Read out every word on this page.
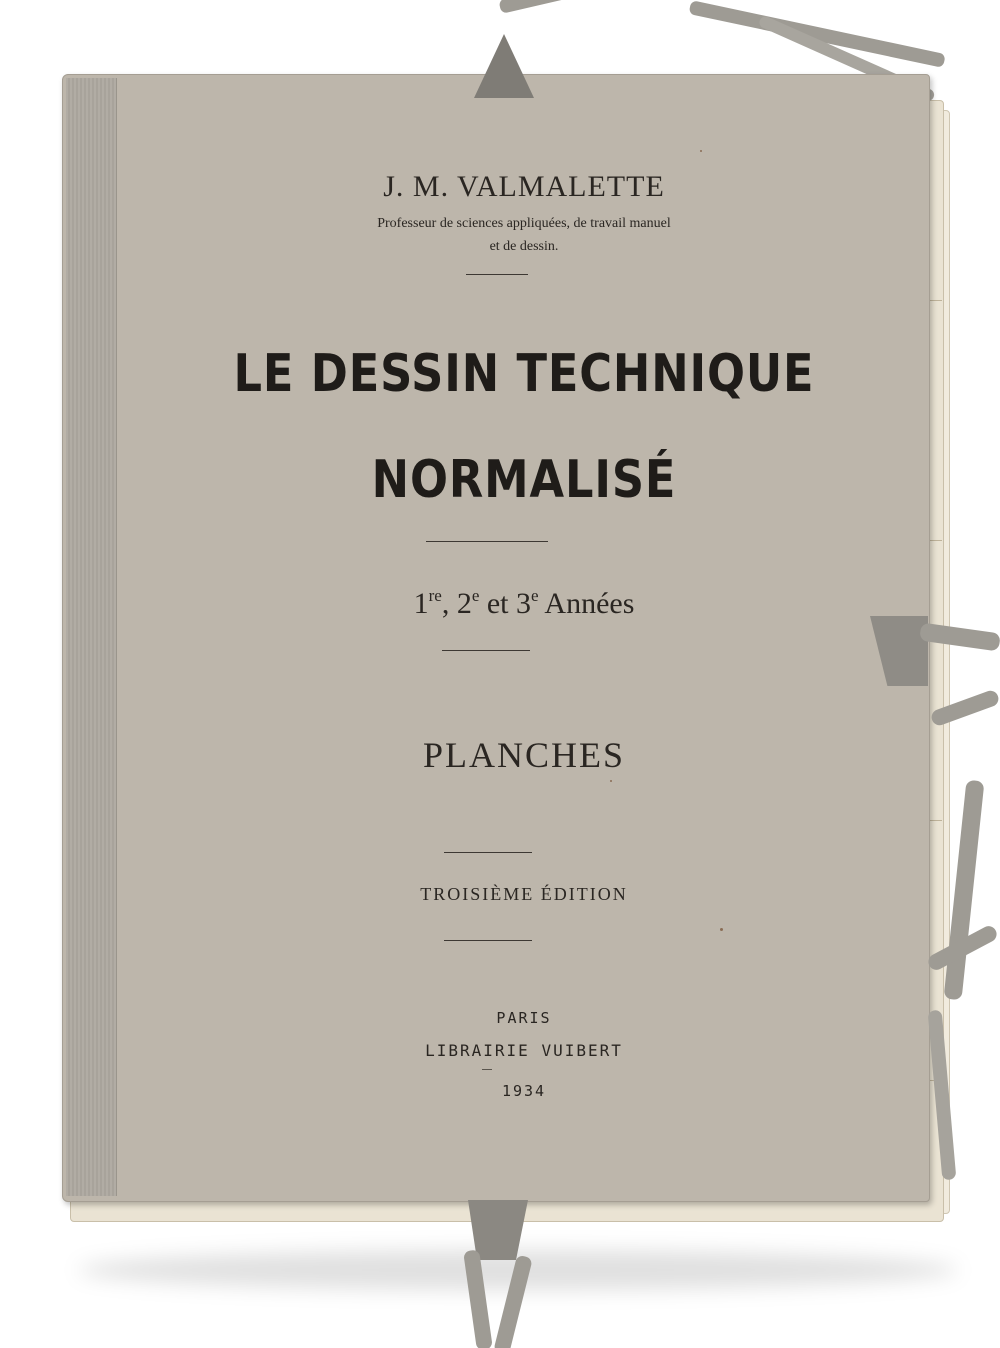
J. M. VALMALETTE
Professeur de sciences appliquées, de travail manuel
et de dessin.
LE DESSIN TECHNIQUE
NORMALISÉ
1re, 2e et 3e Années
PLANCHES
TROISIÈME ÉDITION
PARIS
LIBRAIRIE VUIBERT
1934
